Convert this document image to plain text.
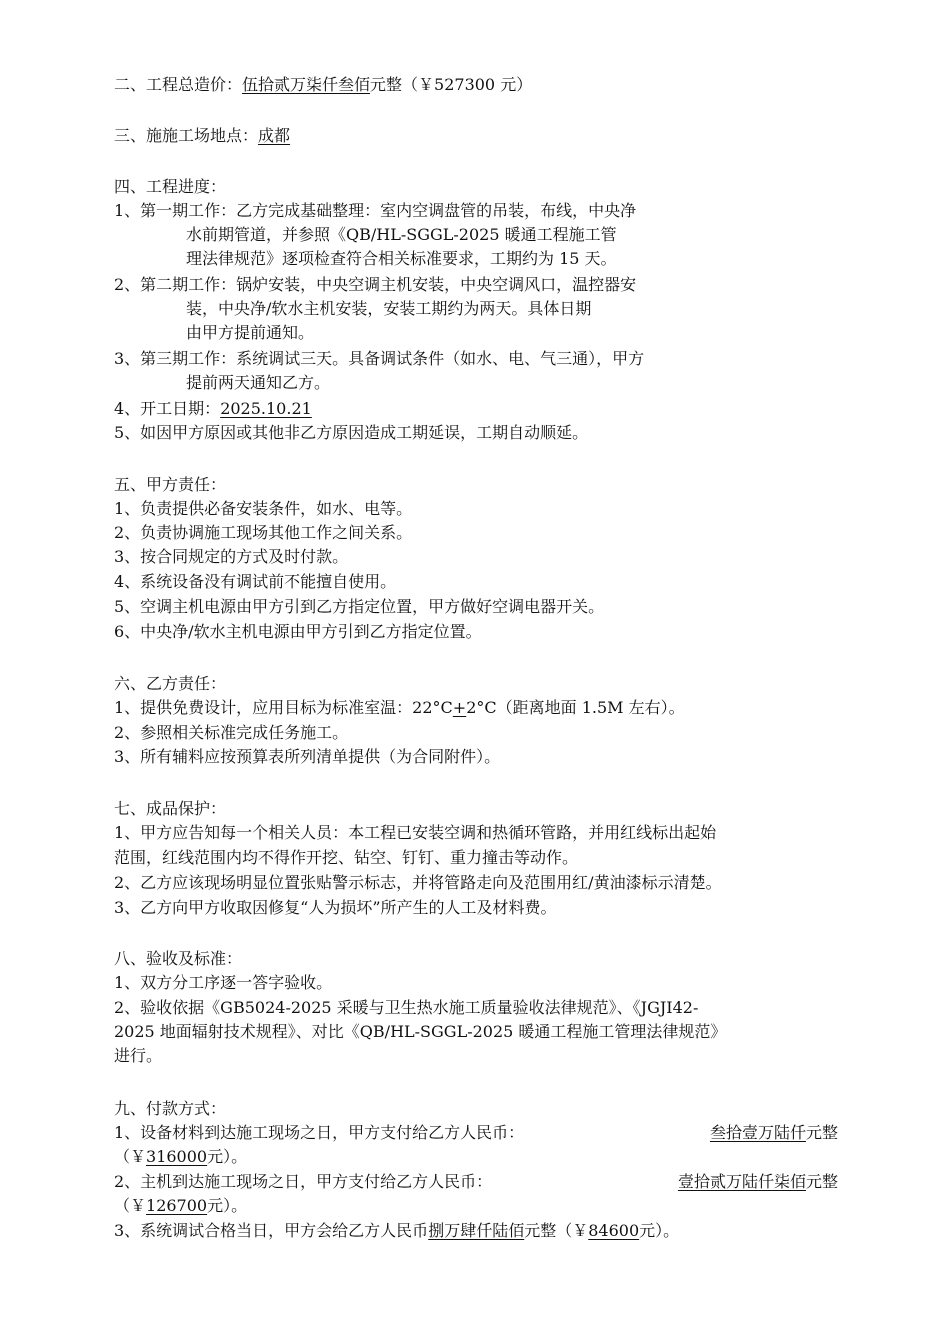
二、工程总造价：伍拾贰万柒仟叁佰元整（￥527300 元）
三、施施工场地点：成都
四、工程进度：
1、第一期工作：乙方完成基础整理：室内空调盘管的吊装，布线，中央净
水前期管道，并参照《QB/HL-SGGL-2025 暖通工程施工管
理法律规范》逐项检查符合相关标准要求，工期约为 15 天。
2、第二期工作：锅炉安装，中央空调主机安装，中央空调风口，温控器安
装，中央净/软水主机安装，安装工期约为两天。具体日期
由甲方提前通知。
3、第三期工作：系统调试三天。具备调试条件（如水、电、气三通），甲方
提前两天通知乙方。
4、开工日期：2025.10.21
5、如因甲方原因或其他非乙方原因造成工期延误，工期自动顺延。
五、甲方责任：
1、负责提供必备安装条件，如水、电等。
2、负责协调施工现场其他工作之间关系。
3、按合同规定的方式及时付款。
4、系统设备没有调试前不能擅自使用。
5、空调主机电源由甲方引到乙方指定位置，甲方做好空调电器开关。
6、中央净/软水主机电源由甲方引到乙方指定位置。
六、乙方责任：
1、提供免费设计，应用目标为标准室温：22°C+2°C（距离地面 1.5M 左右）。
2、参照相关标准完成任务施工。
3、所有辅料应按预算表所列清单提供（为合同附件）。
七、成品保护：
1、甲方应告知每一个相关人员：本工程已安装空调和热循环管路，并用红线标出起始
范围，红线范围内均不得作开挖、钻空、钉钉、重力撞击等动作。
2、乙方应该现场明显位置张贴警示标志，并将管路走向及范围用红/黄油漆标示清楚。
3、乙方向甲方收取因修复“人为损坏”所产生的人工及材料费。
八、验收及标准：
1、双方分工序逐一答字验收。
2、验收依据《GB5024-2025 采暖与卫生热水施工质量验收法律规范》、《JGJI42-
2025 地面辐射技术规程》、对比《QB/HL-SGGL-2025 暖通工程施工管理法律规范》
进行。
九、付款方式：
1、设备材料到达施工现场之日，甲方支付给乙方人民币：	叁拾壹万陆仟元整
（￥316000元）。
2、主机到达施工现场之日，甲方支付给乙方人民币：	壹拾贰万陆仟柒佰元整
（￥126700元）。
3、系统调试合格当日，甲方会给乙方人民币捌万肆仟陆佰元整（￥84600元）。
